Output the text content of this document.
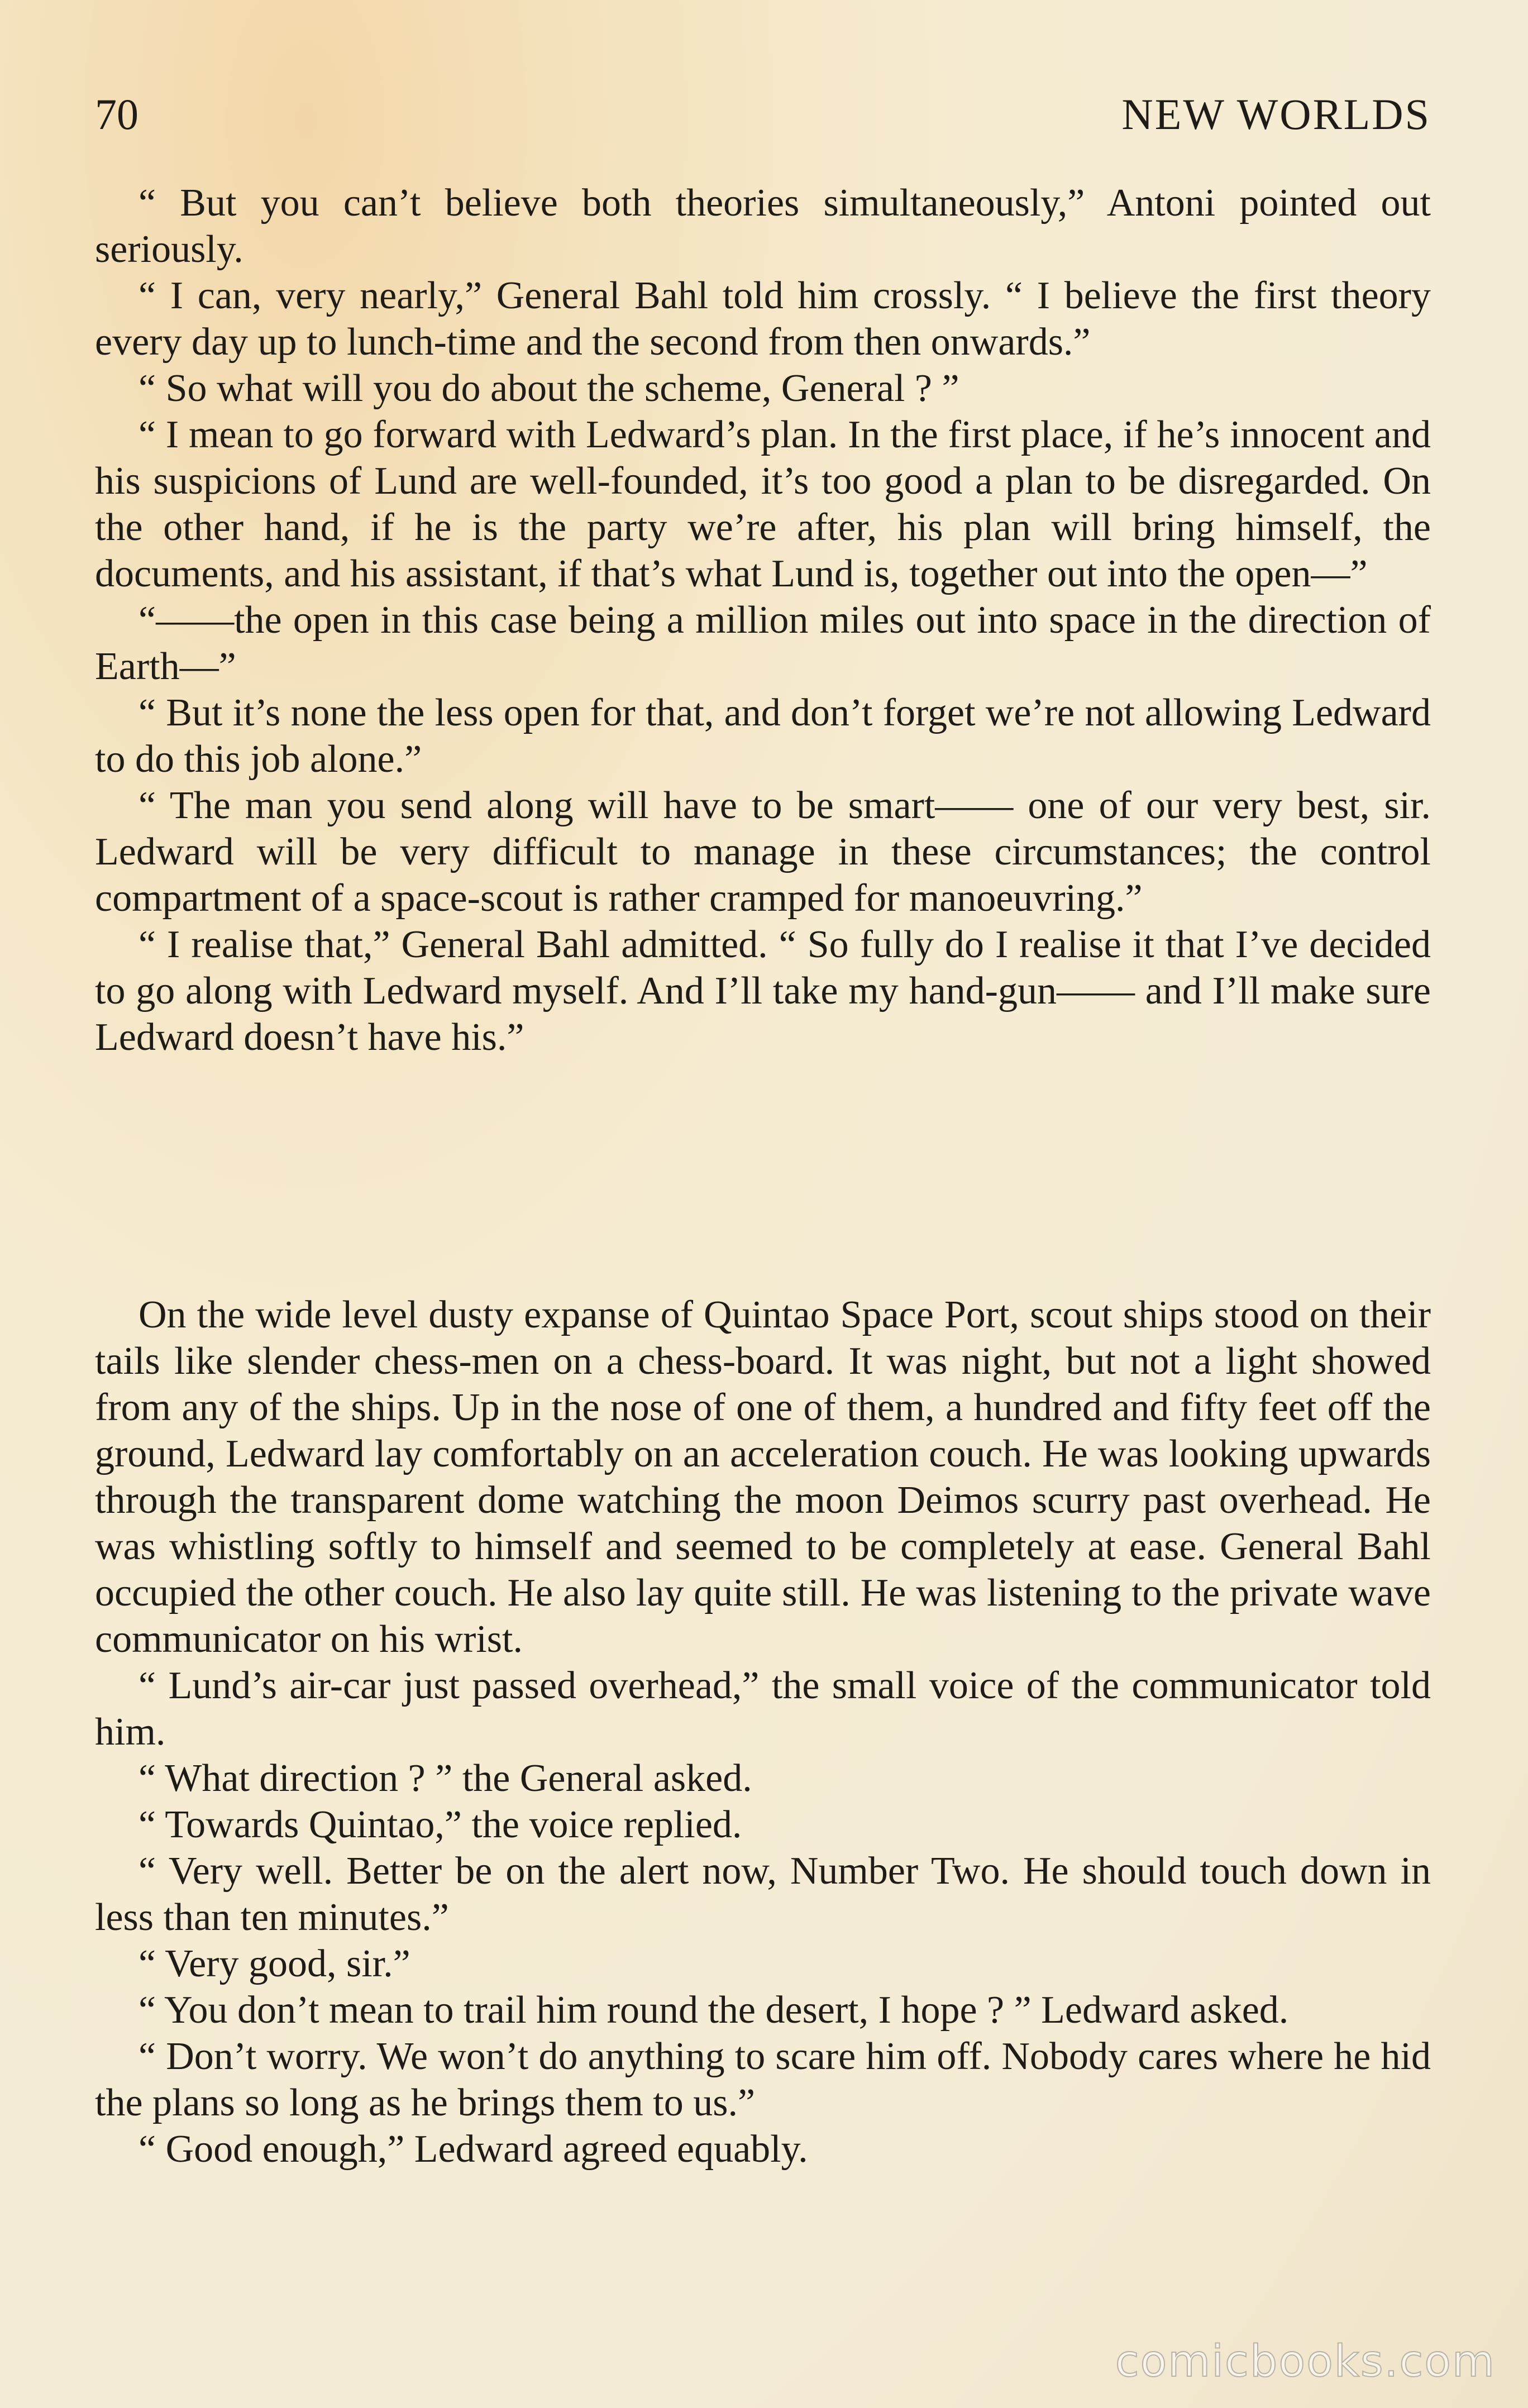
70	NEW WORLDS

“ But you can’t believe both theories simultaneously,” Antoni pointed out seriously.

“ I can, very nearly,” General Bahl told him crossly. “ I believe the first theory every day up to lunch-time and the second from then onwards.”

“ So what will you do about the scheme, General ? ”

“ I mean to go forward with Ledward’s plan. In the first place, if he’s innocent and his suspicions of Lund are well-founded, it’s too good a plan to be disregarded. On the other hand, if he is the party we’re after, his plan will bring himself, the documents, and his assistant, if that’s what Lund is, together out into the open—”

“——the open in this case being a million miles out into space in the direction of Earth—”

“ But it’s none the less open for that, and don’t forget we’re not allowing Ledward to do this job alone.”

“ The man you send along will have to be smart—— one of our very best, sir. Ledward will be very difficult to manage in these circumstances; the control compartment of a space-scout is rather cramped for manoeuvring.”

“ I realise that,” General Bahl admitted. “ So fully do I realise it that I’ve decided to go along with Ledward myself. And I’ll take my hand-gun—— and I’ll make sure Ledward doesn’t have his.”

On the wide level dusty expanse of Quintao Space Port, scout ships stood on their tails like slender chess-men on a chess-board. It was night, but not a light showed from any of the ships. Up in the nose of one of them, a hundred and fifty feet off the ground, Ledward lay comfortably on an acceleration couch. He was looking upwards through the transparent dome watching the moon Deimos scurry past overhead. He was whistling softly to himself and seemed to be completely at ease. General Bahl occupied the other couch. He also lay quite still. He was listening to the private wave communicator on his wrist.

“ Lund’s air-car just passed overhead,” the small voice of the communicator told him.

“ What direction ? ” the General asked.

“ Towards Quintao,” the voice replied.

“ Very well. Better be on the alert now, Number Two. He should touch down in less than ten minutes.”

“ Very good, sir.”

“ You don’t mean to trail him round the desert, I hope ? ” Ledward asked.

“ Don’t worry. We won’t do anything to scare him off. Nobody cares where he hid the plans so long as he brings them to us.”

“ Good enough,” Ledward agreed equably.

comicbooks.com
